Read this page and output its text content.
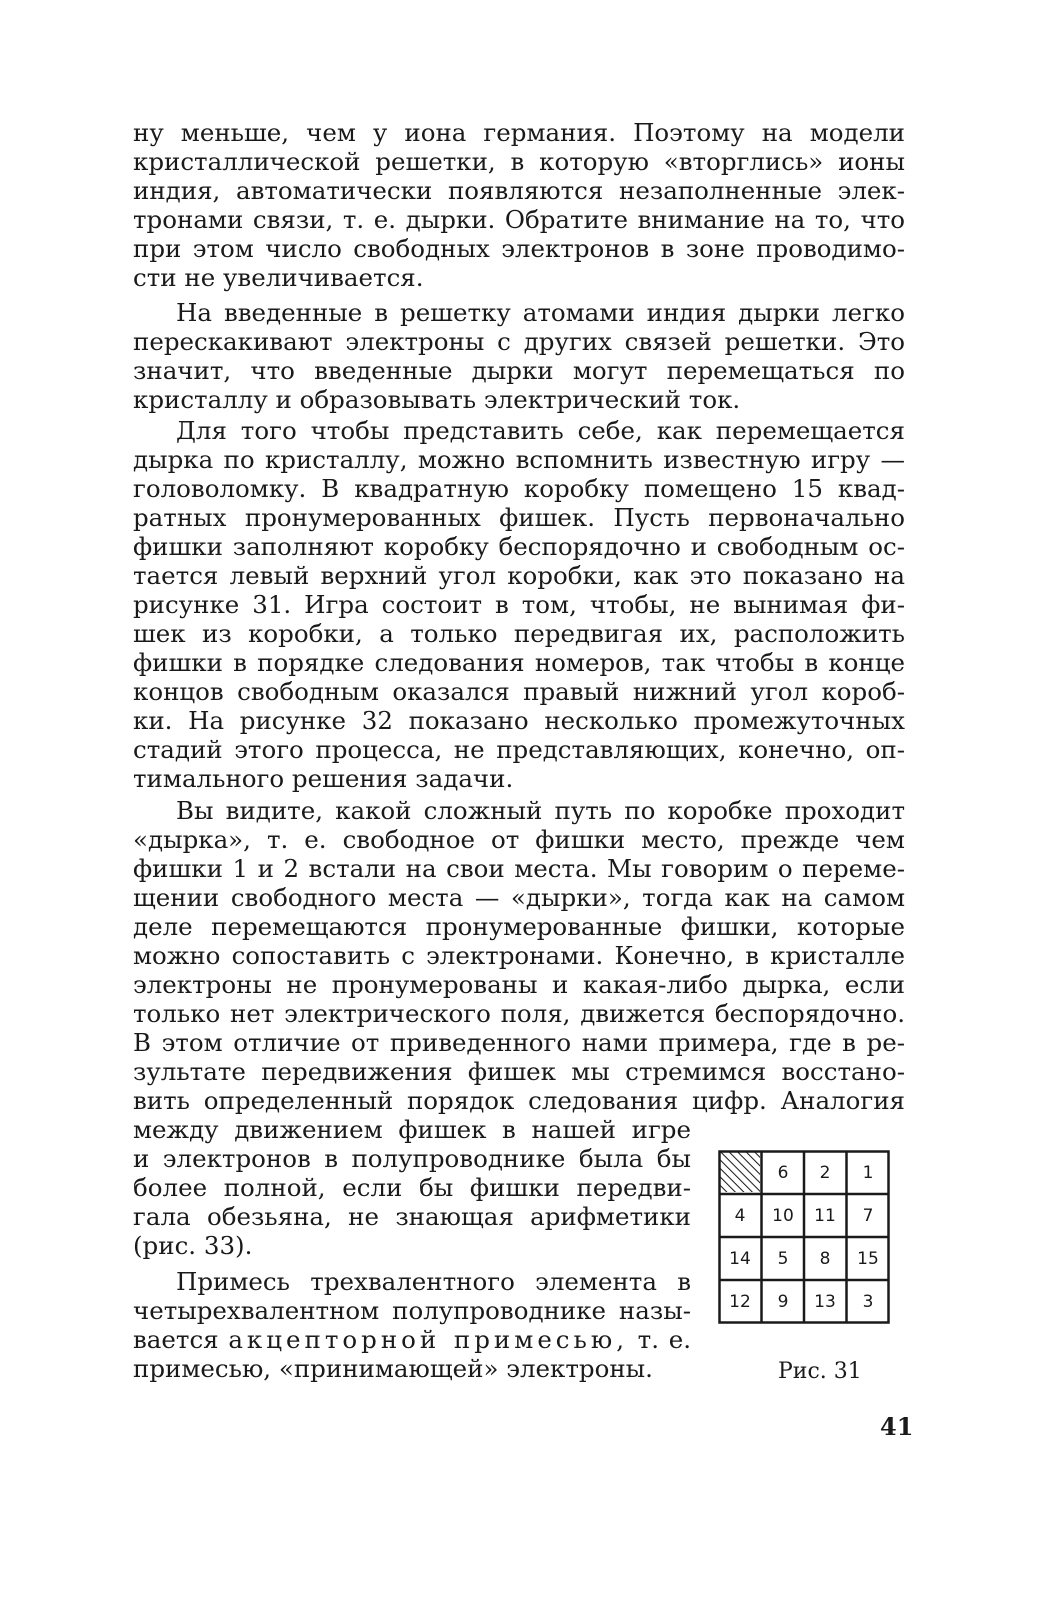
ну меньше, чем у иона германия. Поэтому на модели
кристаллической решетки, в которую «вторглись» ионы
индия, автоматически появляются незаполненные элек-
тронами связи, т. е. дырки. Обратите внимание на то, что
при этом число свободных электронов в зоне проводимо-
сти не увеличивается.
На введенные в решетку атомами индия дырки легко
перескакивают электроны с других связей решетки. Это
значит, что введенные дырки могут перемещаться по
кристаллу и образовывать электрический ток.
Для того чтобы представить себе, как перемещается
дырка по кристаллу, можно вспомнить известную игру —
головоломку. В квадратную коробку помещено 15 квад-
ратных пронумерованных фишек. Пусть первоначально
фишки заполняют коробку беспорядочно и свободным ос-
тается левый верхний угол коробки, как это показано на
рисунке 31. Игра состоит в том, чтобы, не вынимая фи-
шек из коробки, а только передвигая их, расположить
фишки в порядке следования номеров, так чтобы в конце
концов свободным оказался правый нижний угол короб-
ки. На рисунке 32 показано несколько промежуточных
стадий этого процесса, не представляющих, конечно, оп-
тимального решения задачи.
Вы видите, какой сложный путь по коробке проходит
«дырка», т. е. свободное от фишки место, прежде чем
фишки 1 и 2 встали на свои места. Мы говорим о переме-
щении свободного места — «дырки», тогда как на самом
деле перемещаются пронумерованные фишки, которые
можно сопоставить с электронами. Конечно, в кристалле
электроны не пронумерованы и какая-либо дырка, если
только нет электрического поля, движется беспорядочно.
В этом отличие от приведенного нами примера, где в ре-
зультате передвижения фишек мы стремимся восстано-
вить определенный порядок следования цифр. Аналогия
между движением фишек в нашей игре
и электронов в полупроводнике была бы
более полной, если бы фишки передви-
гала обезьяна, не знающая арифметики
(рис. 33).
Примесь трехвалентного элемента в
четырехвалентном полупроводнике назы-
вается акцепторной примесью, т. е.
примесью, «принимающей» электроны.
6 2 1
4 10 11 7
14 5 8 15
12 9 13 3
Рис. 31
41
